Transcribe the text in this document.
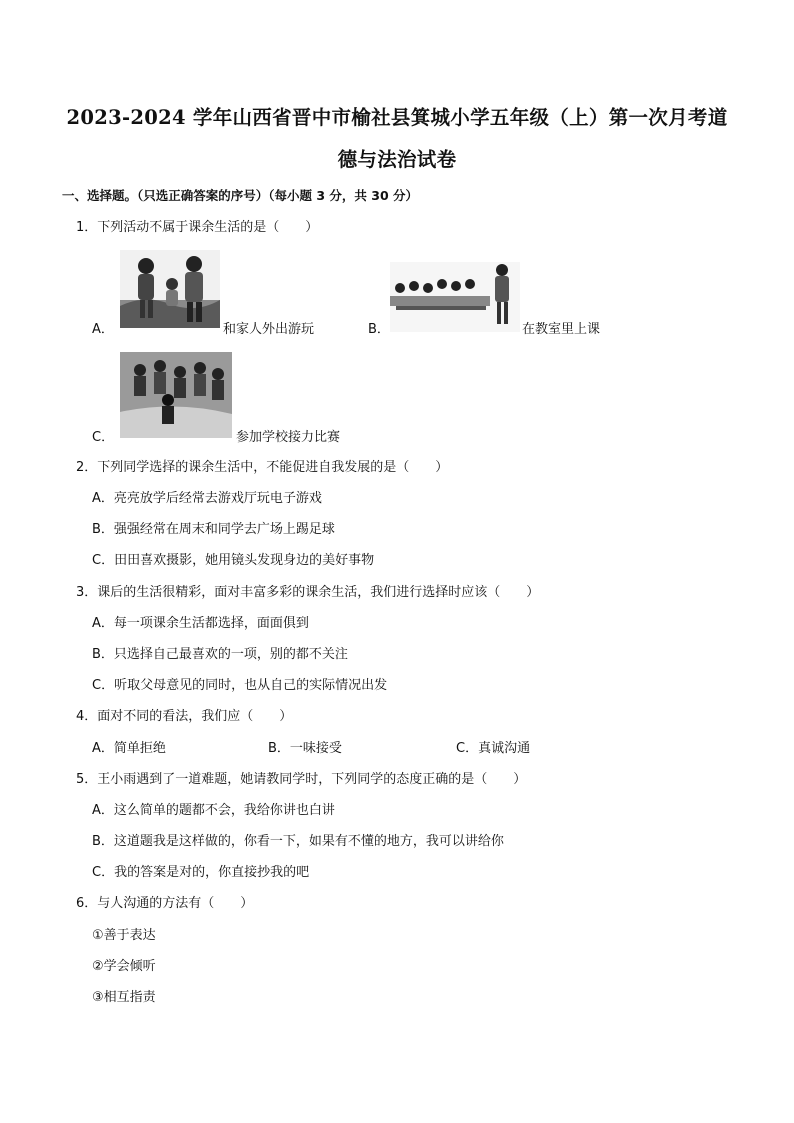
2023-2024 学年山西省晋中市榆社县箕城小学五年级（上）第一次月考道
德与法治试卷
一、选择题。（只选正确答案的序号）（每小题 3 分，共 30 分）
1．下列活动不属于课余生活的是（　　）
A．	和家人外出游玩	B．	在教室里上课
C．	参加学校接力比赛
2．下列同学选择的课余生活中，不能促进自我发展的是（　　）
A．亮亮放学后经常去游戏厅玩电子游戏
B．强强经常在周末和同学去广场上踢足球
C．田田喜欢摄影，她用镜头发现身边的美好事物
3．课后的生活很精彩，面对丰富多彩的课余生活，我们进行选择时应该（　　）
A．每一项课余生活都选择，面面俱到
B．只选择自己最喜欢的一项，别的都不关注
C．听取父母意见的同时，也从自己的实际情况出发
4．面对不同的看法，我们应（　　）
A．简单拒绝	B．一味接受	C．真诚沟通
5．王小雨遇到了一道难题，她请教同学时，下列同学的态度正确的是（　　）
A．这么简单的题都不会，我给你讲也白讲
B．这道题我是这样做的，你看一下，如果有不懂的地方，我可以讲给你
C．我的答案是对的，你直接抄我的吧
6．与人沟通的方法有（　　）
①善于表达
②学会倾听
③相互指责
